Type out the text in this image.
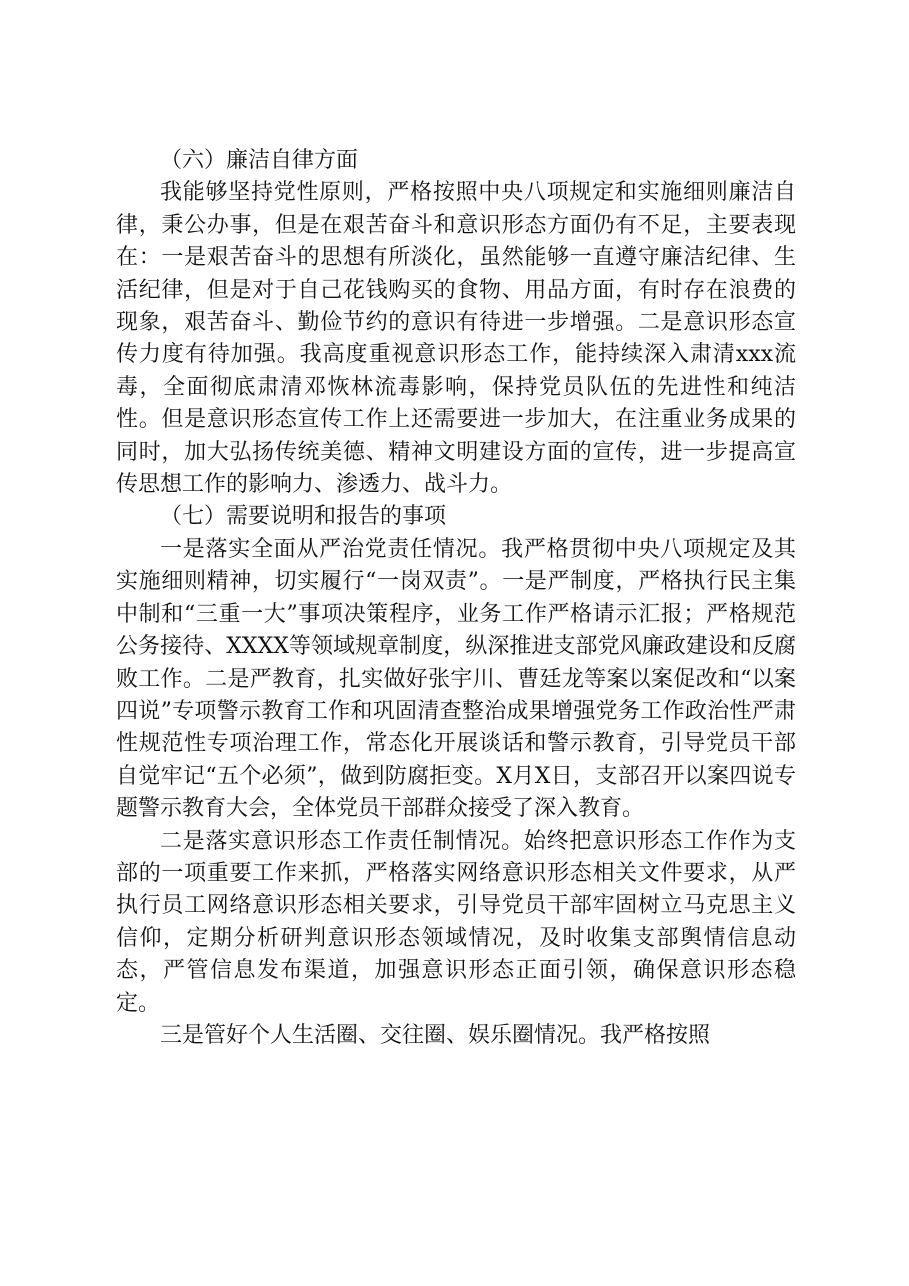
（六）廉洁自律方面

我能够坚持党性原则，严格按照中央八项规定和实施细则廉洁自律，秉公办事，但是在艰苦奋斗和意识形态方面仍有不足，主要表现在：一是艰苦奋斗的思想有所淡化，虽然能够一直遵守廉洁纪律、生活纪律，但是对于自己花钱购买的食物、用品方面，有时存在浪费的现象，艰苦奋斗、勤俭节约的意识有待进一步增强。二是意识形态宣传力度有待加强。我高度重视意识形态工作，能持续深入肃清xxx流毒，全面彻底肃清邓恢林流毒影响，保持党员队伍的先进性和纯洁性。但是意识形态宣传工作上还需要进一步加大，在注重业务成果的同时，加大弘扬传统美德、精神文明建设方面的宣传，进一步提高宣传思想工作的影响力、渗透力、战斗力。

（七）需要说明和报告的事项

一是落实全面从严治党责任情况。我严格贯彻中央八项规定及其实施细则精神，切实履行“一岗双责”。一是严制度，严格执行民主集中制和“三重一大”事项决策程序，业务工作严格请示汇报；严格规范公务接待、XXXX等领域规章制度，纵深推进支部党风廉政建设和反腐败工作。二是严教育，扎实做好张宇川、曹廷龙等案以案促改和“以案四说”专项警示教育工作和巩固清查整治成果增强党务工作政治性严肃性规范性专项治理工作，常态化开展谈话和警示教育，引导党员干部自觉牢记“五个必须”，做到防腐拒变。X月X日，支部召开以案四说专题警示教育大会，全体党员干部群众接受了深入教育。

二是落实意识形态工作责任制情况。始终把意识形态工作作为支部的一项重要工作来抓，严格落实网络意识形态相关文件要求，从严执行员工网络意识形态相关要求，引导党员干部牢固树立马克思主义信仰，定期分析研判意识形态领域情况，及时收集支部舆情信息动态，严管信息发布渠道，加强意识形态正面引领，确保意识形态稳定。

三是管好个人生活圈、交往圈、娱乐圈情况。我严格按照
